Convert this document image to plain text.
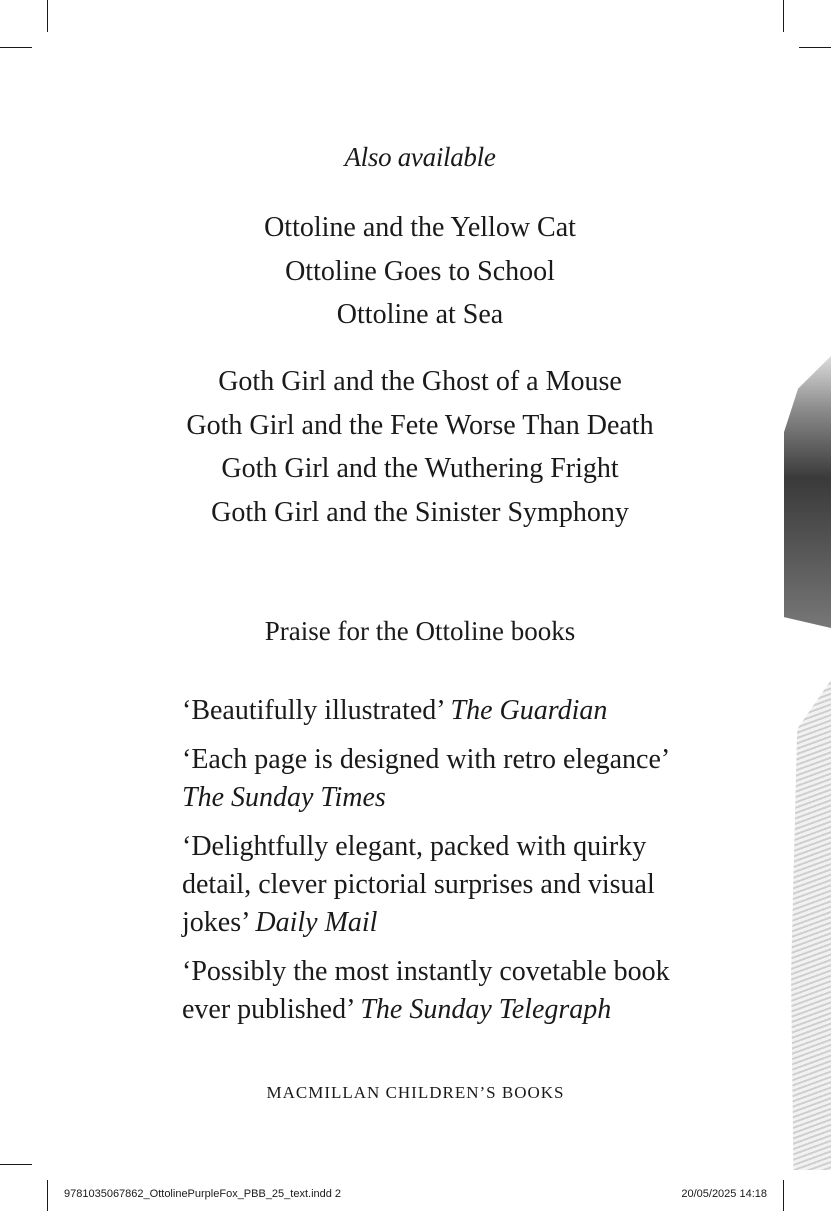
Also available
Ottoline and the Yellow Cat
Ottoline Goes to School
Ottoline at Sea
Goth Girl and the Ghost of a Mouse
Goth Girl and the Fete Worse Than Death
Goth Girl and the Wuthering Fright
Goth Girl and the Sinister Symphony
Praise for the Ottoline books
‘Beautifully illustrated’ The Guardian
‘Each page is designed with retro elegance’
The Sunday Times
‘Delightfully elegant, packed with quirky detail, clever pictorial surprises and visual jokes’ Daily Mail
‘Possibly the most instantly covetable book ever published’ The Sunday Telegraph
MACMILLAN CHILDREN’S BOOKS
9781035067862_OttolinePurpleFox_PBB_25_text.indd 2	20/05/2025 14:18
